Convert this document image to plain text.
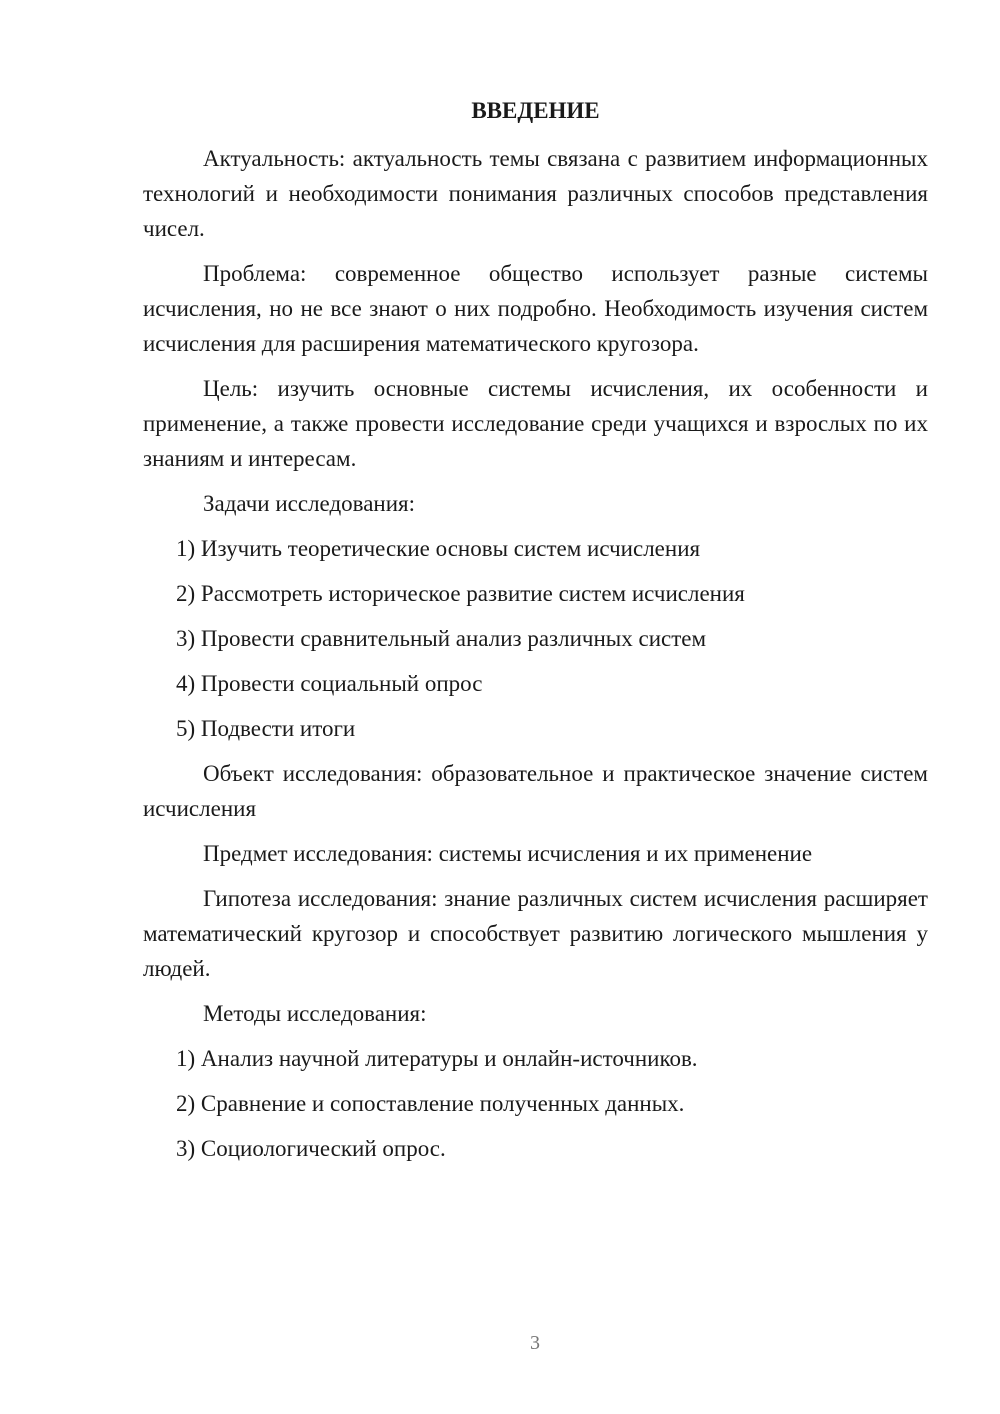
ВВЕДЕНИЕ

Актуальность: актуальность темы связана с развитием информационных технологий и необходимости понимания различных способов представления чисел.

Проблема: современное общество использует разные системы исчисления, но не все знают о них подробно. Необходимость изучения систем исчисления для расширения математического кругозора.

Цель: изучить основные системы исчисления, их особенности и применение, а также провести исследование среди учащихся и взрослых по их знаниям и интересам.

Задачи исследования:

1) Изучить теоретические основы систем исчисления
2) Рассмотреть историческое развитие систем исчисления
3) Провести сравнительный анализ различных систем
4) Провести социальный опрос
5) Подвести итоги

Объект исследования: образовательное и практическое значение систем исчисления

Предмет исследования: системы исчисления и их применение

Гипотеза исследования: знание различных систем исчисления расширяет математический кругозор и способствует развитию логического мышления у людей.

Методы исследования:

1) Анализ научной литературы и онлайн-источников.
2) Сравнение и сопоставление полученных данных.
3) Социологический опрос.
3
